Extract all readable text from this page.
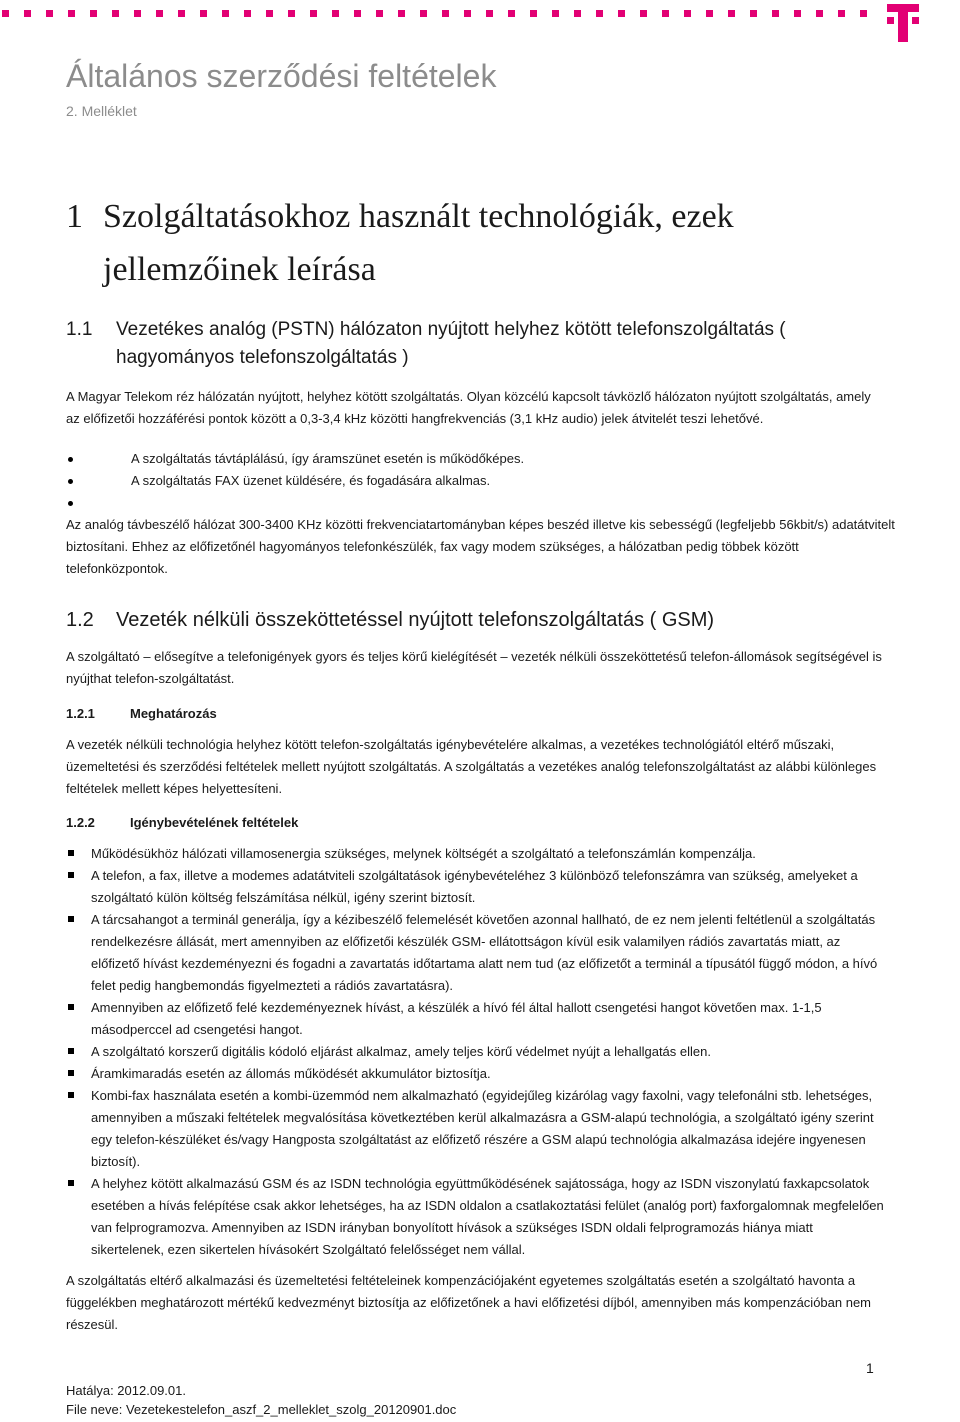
Általános szerződési feltételek
2. Melléklet
1 Szolgáltatásokhoz használt technológiák, ezek jellemzőinek leírása
1.1 Vezetékes analóg (PSTN) hálózaton nyújtott helyhez kötött telefonszolgáltatás ( hagyományos telefonszolgáltatás )
A Magyar Telekom réz hálózatán nyújtott, helyhez kötött szolgáltatás. Olyan közcélú kapcsolt távközlő hálózaton nyújtott szolgáltatás, amely az előfizetői hozzáférési pontok között a 0,3-3,4 kHz közötti hangfrekvenciás (3,1 kHz audio) jelek átvitelét teszi lehetővé.
A szolgáltatás távtáplálású, így áramszünet esetén is működőképes.
A szolgáltatás FAX üzenet küldésére, és fogadására alkalmas.
Az analóg távbeszélő hálózat 300-3400 KHz közötti frekvenciatartományban képes beszéd illetve kis sebességű (legfeljebb 56kbit/s) adatátvitelt biztosítani. Ehhez az előfizetőnél hagyományos telefonkészülék, fax vagy modem szükséges, a hálózatban pedig többek között telefonközpontok.
1.2 Vezeték nélküli összeköttetéssel nyújtott telefonszolgáltatás ( GSM)
A szolgáltató – elősegítve a telefonigények gyors és teljes körű kielégítését – vezeték nélküli összeköttetésű telefon-állomások segítségével is nyújthat telefon-szolgáltatást.
1.2.1	Meghatározás
A vezeték nélküli technológia helyhez kötött telefon-szolgáltatás igénybevételére alkalmas, a vezetékes technológiától eltérő műszaki, üzemeltetési és szerződési feltételek mellett nyújtott szolgáltatás. A szolgáltatás a vezetékes analóg telefonszolgáltatást az alábbi különleges feltételek mellett képes helyettesíteni.
1.2.2	Igénybevételének feltételek
Működésükhöz hálózati villamosenergia szükséges, melynek költségét a szolgáltató a telefonszámlán kompenzálja.
A telefon, a fax, illetve a modemes adatátviteli szolgáltatások igénybevételéhez 3 különböző telefonszámra van szükség, amelyeket a szolgáltató külön költség felszámítása nélkül, igény szerint biztosít.
A tárcsahangot a terminál generálja, így a kézibeszélő felemelését követően azonnal hallható, de ez nem jelenti feltétlenül a szolgáltatás rendelkezésre állását, mert amennyiben az előfizetői készülék GSM- ellátottságon kívül esik valamilyen rádiós zavartatás miatt, az előfizető hívást kezdeményezni és fogadni a zavartatás időtartama alatt nem tud (az előfizetőt a terminál a típusától függő módon, a hívó felet pedig hangbemondás figyelmezteti a rádiós zavartatásra).
Amennyiben az előfizető felé kezdeményeznek hívást, a készülék a hívó fél által hallott csengetési hangot követően max. 1-1,5 másodperccel ad csengetési hangot.
A szolgáltató korszerű digitális kódoló eljárást alkalmaz, amely teljes körű védelmet nyújt a lehallgatás ellen.
Áramkimaradás esetén az állomás működését akkumulátor biztosítja.
Kombi-fax használata esetén a kombi-üzemmód nem alkalmazható (egyidejűleg kizárólag vagy faxolni, vagy telefonálni stb. lehetséges, amennyiben a műszaki feltételek megvalósítása következtében kerül alkalmazásra a GSM-alapú technológia, a szolgáltató igény szerint egy telefon-készüléket és/vagy Hangposta szolgáltatást az előfizető részére a GSM alapú technológia alkalmazása idejére ingyenesen biztosít).
A helyhez kötött alkalmazású GSM és az ISDN technológia együttműködésének sajátossága, hogy az ISDN viszonylatú faxkapcsolatok esetében a hívás felépítése csak akkor lehetséges, ha az ISDN oldalon a csatlakoztatási felület (analóg port) faxforgalomnak megfelelően van felprogramozva. Amennyiben az ISDN irányban bonyolított hívások a szükséges ISDN oldali felprogramozás hiánya miatt sikertelenek, ezen sikertelen hívásokért Szolgáltató felelősséget nem vállal.
A szolgáltatás eltérő alkalmazási és üzemeltetési feltételeinek kompenzációjaként egyetemes szolgáltatás esetén a szolgáltató havonta a függelékben meghatározott mértékű kedvezményt biztosítja az előfizetőnek a havi előfizetési díjból, amennyiben más kompenzációban nem részesül.
1
Hatálya: 2012.09.01.
File neve: Vezetekestelefon_aszf_2_melleklet_szolg_20120901.doc
